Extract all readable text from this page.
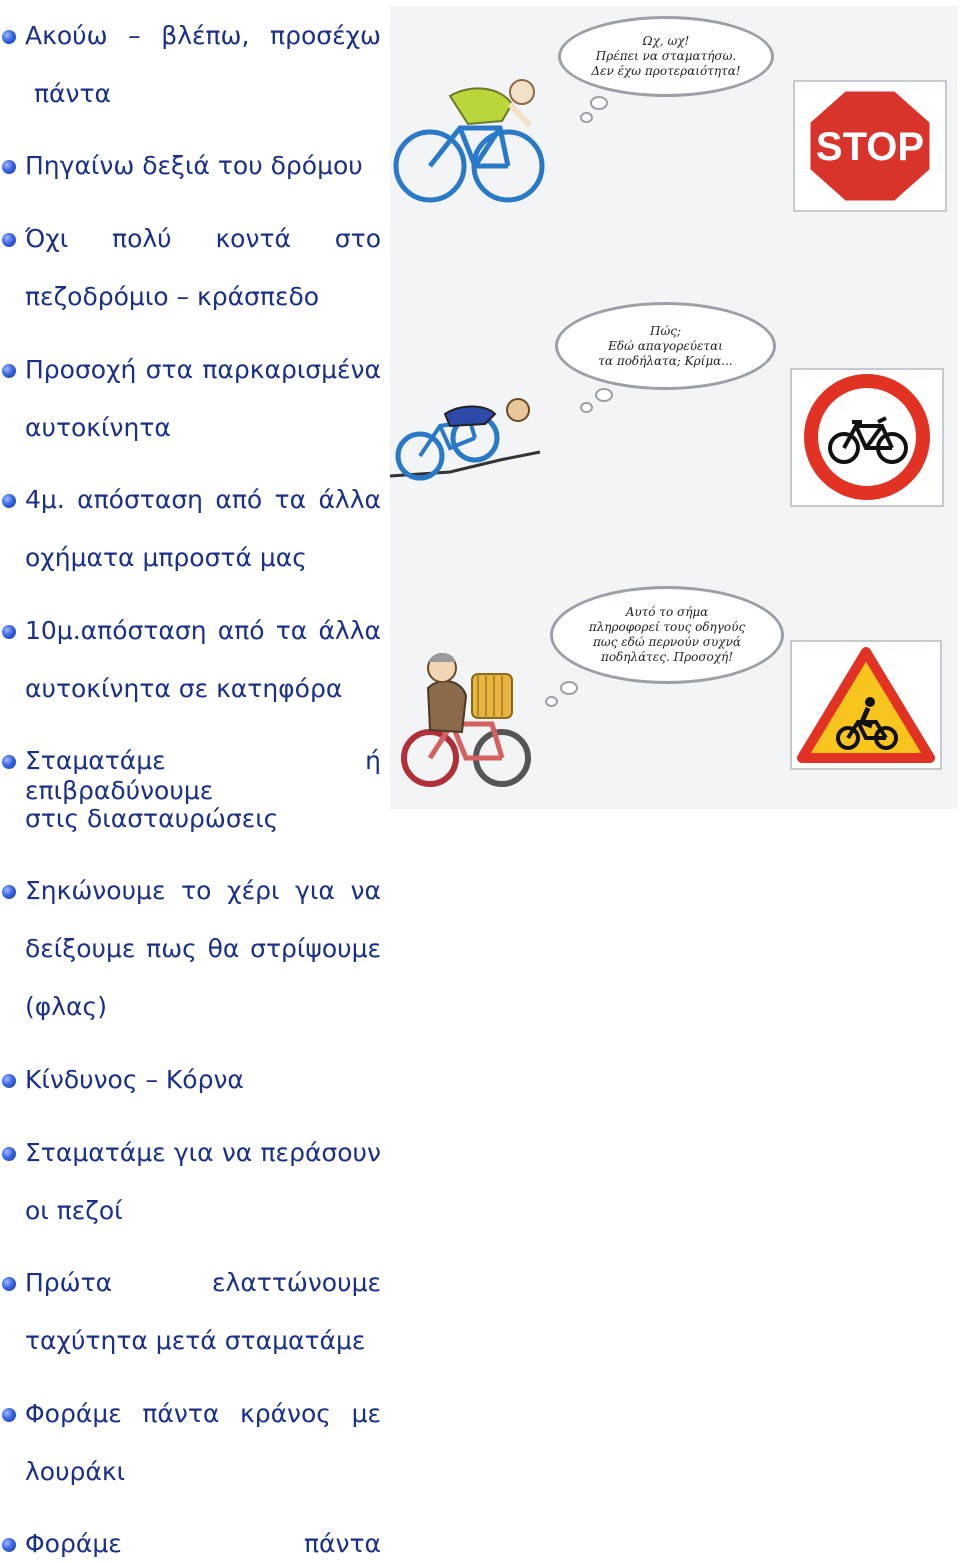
Ακούω – βλέπω, προσέχω
πάντα
Πηγαίνω δεξιά του δρόμου
Όχι πολύ κοντά στο
πεζοδρόμιο – κράσπεδο
Προσοχή στα παρκαρισμένα
αυτοκίνητα
4μ. απόσταση από τα άλλα
οχήματα μπροστά μας
10μ.απόσταση από τα άλλα
αυτοκίνητα σε κατηφόρα
Σταματάμε ή επιβραδύνουμε
στις διασταυρώσεις
Σηκώνουμε το χέρι για να
δείξουμε πως θα στρίψουμε
(φλας)
Κίνδυνος – Κόρνα
Σταματάμε για να περάσουν
οι πεζοί
Πρώτα ελαττώνουμε
ταχύτητα μετά σταματάμε
Φοράμε πάντα κράνος με
λουράκι
Φοράμε πάντα
Ωχ, ωχ!
Πρέπει να σταματήσω.
Δεν έχω προτεραιότητα!
STOP
Πώς;
Εδώ απαγορεύεται
τα ποδήλατα; Κρίμα...
Αυτό το σήμα
πληροφορεί τους οδηγούς
πως εδώ περνούν συχνά
ποδηλάτες. Προσοχή!
